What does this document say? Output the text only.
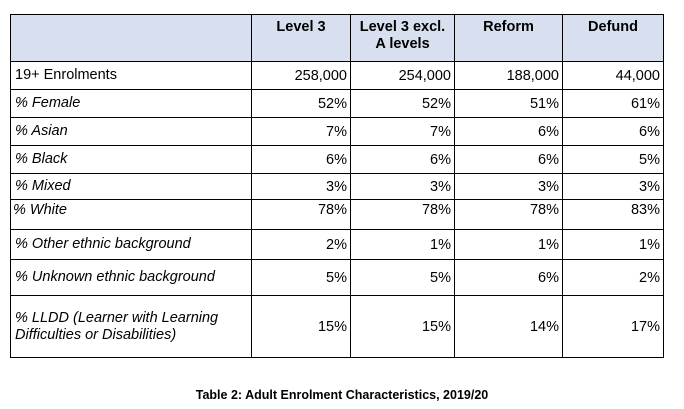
	Level 3	Level 3 excl. A levels	Reform	Defund
19+ Enrolments	258,000	254,000	188,000	44,000
% Female	52%	52%	51%	61%
% Asian	7%	7%	6%	6%
% Black	6%	6%	6%	5%
% Mixed	3%	3%	3%	3%
% White	78%	78%	78%	83%
% Other ethnic background	2%	1%	1%	1%
% Unknown ethnic background	5%	5%	6%	2%
% LLDD (Learner with Learning Difficulties or Disabilities)	15%	15%	14%	17%
Table 2: Adult Enrolment Characteristics, 2019/20
